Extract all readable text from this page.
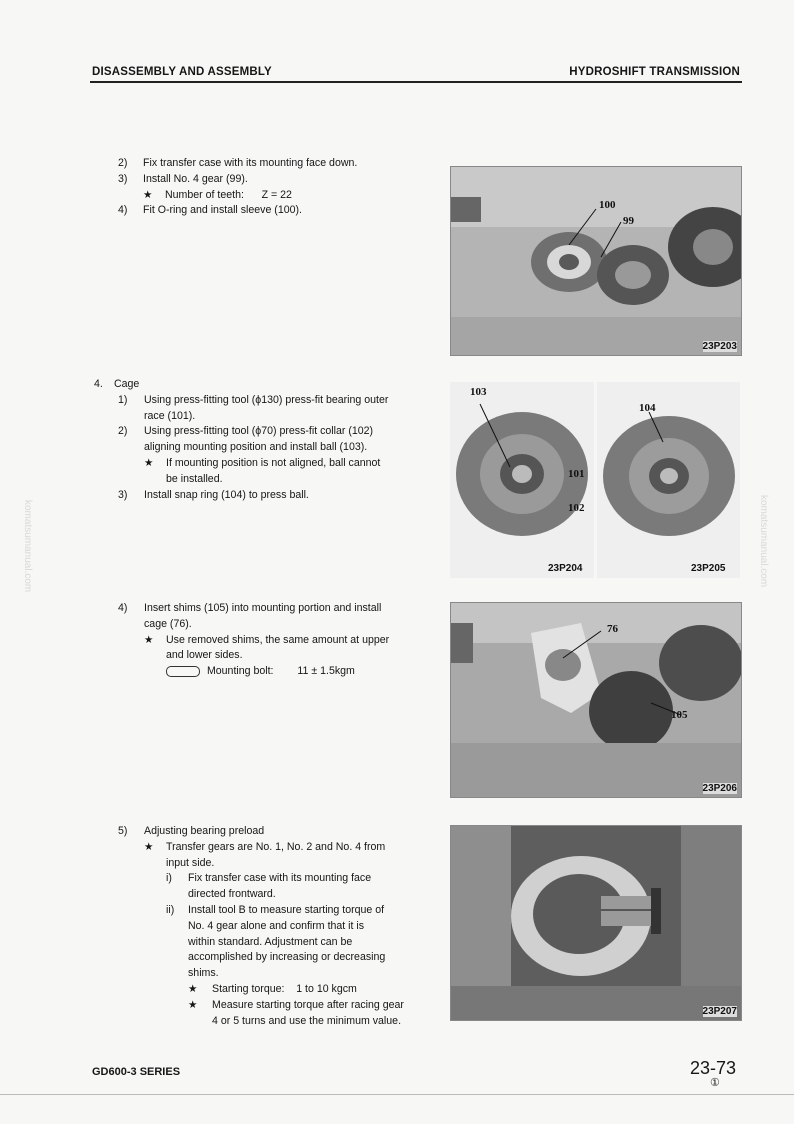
DISASSEMBLY AND ASSEMBLY	HYDROSHIFT TRANSMISSION
komatsumanual.com	komatsumanual.com
2) Fix transfer case with its mounting face down.
3) Install No. 4 gear (99).
★ Number of teeth:      Z = 22
4) Fit O-ring and install sleeve (100).	100
99
23P203
4. Cage
1) Using press-fitting tool (ϕ130) press-fit bearing outer
race (101).
2) Using press-fitting tool (ϕ70) press-fit collar (102)
aligning mounting position and install ball (103).
★ If mounting position is not aligned, ball cannot
be installed.
3) Install snap ring (104) to press ball.
103
101
102
23P204
104
23P205
4) Insert shims (105) into mounting portion and install
cage (76).
★ Use removed shims, the same amount at upper
and lower sides.
Mounting bolt: 11 ± 1.5kgm
76
105
23P206
5) Adjusting bearing preload
★ Transfer gears are No. 1, No. 2 and No. 4 from
input side.
i) Fix transfer case with its mounting face
directed frontward.
ii) Install tool B to measure starting torque of
No. 4 gear alone and confirm that it is
within standard. Adjustment can be
accomplished by increasing or decreasing
shims.
★ Starting torque:    1 to 10 kgcm
★ Measure starting torque after racing gear
4 or 5 turns and use the minimum value.
23P207
GD600-3 SERIES	23-73
①
